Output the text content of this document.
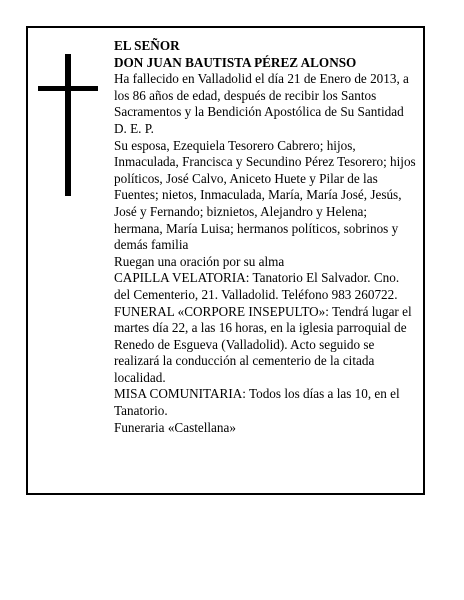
EL SEÑOR

DON JUAN BAUTISTA PÉREZ ALONSO

Ha fallecido en Valladolid el día 21 de Enero de 2013, a los 86 años de edad, después de recibir los Santos Sacramentos y la Bendición Apostólica de Su Santidad D. E. P.

Su esposa, Ezequiela Tesorero Cabrero; hijos, Inmaculada, Francisca y Secundino Pérez Tesorero; hijos políticos, José Calvo, Aniceto Huete y Pilar de las Fuentes; nietos, Inmaculada, María, María José, Jesús, José y Fernando; biznietos, Alejandro y Helena; hermana, María Luisa; hermanos políticos, sobrinos y demás familia

Ruegan una oración por su alma

CAPILLA VELATORIA: Tanatorio El Salvador. Cno. del Cementerio, 21. Valladolid. Teléfono 983 260722.

FUNERAL «CORPORE INSEPULTO»: Tendrá lugar el martes día 22, a las 16 horas, en la iglesia parroquial de Renedo de Esgueva (Valladolid). Acto seguido se realizará la conducción al cementerio de la citada localidad.

MISA COMUNITARIA: Todos los días a las 10, en el Tanatorio.

Funeraria «Castellana»
